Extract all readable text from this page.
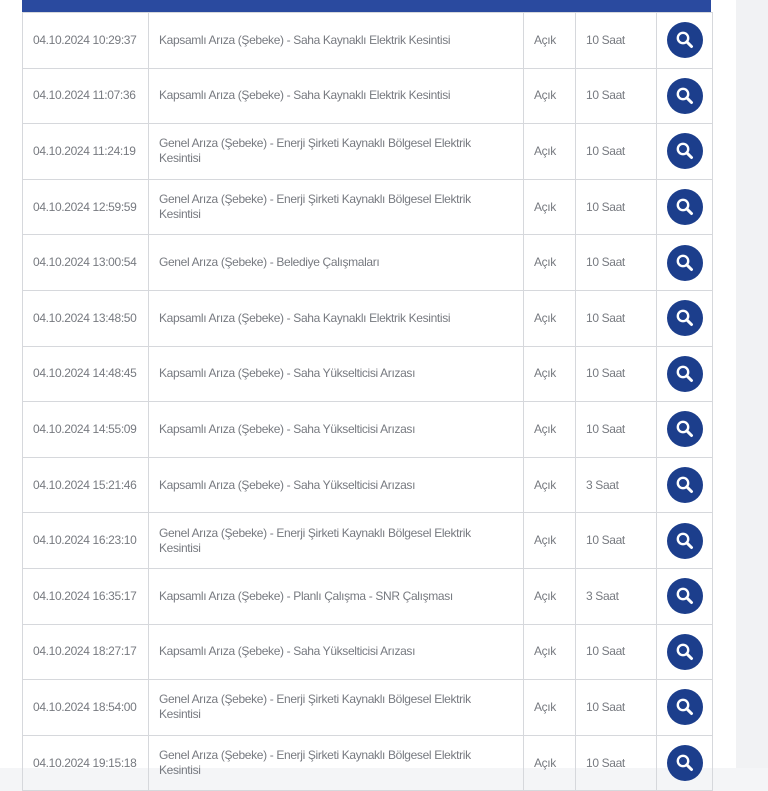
04.10.2024 10:29:37	Kapsamlı Arıza (Şebeke) - Saha Kaynaklı Elektrik Kesintisi	Açık	10 Saat	

04.10.2024 11:07:36	Kapsamlı Arıza (Şebeke) - Saha Kaynaklı Elektrik Kesintisi	Açık	10 Saat	

04.10.2024 11:24:19	Genel Arıza (Şebeke) - Enerji Şirketi Kaynaklı Bölgesel Elektrik Kesintisi	Açık	10 Saat	

04.10.2024 12:59:59	Genel Arıza (Şebeke) - Enerji Şirketi Kaynaklı Bölgesel Elektrik Kesintisi	Açık	10 Saat	

04.10.2024 13:00:54	Genel Arıza (Şebeke) - Belediye Çalışmaları	Açık	10 Saat	

04.10.2024 13:48:50	Kapsamlı Arıza (Şebeke) - Saha Kaynaklı Elektrik Kesintisi	Açık	10 Saat	

04.10.2024 14:48:45	Kapsamlı Arıza (Şebeke) - Saha Yükselticisi Arızası	Açık	10 Saat	

04.10.2024 14:55:09	Kapsamlı Arıza (Şebeke) - Saha Yükselticisi Arızası	Açık	10 Saat	

04.10.2024 15:21:46	Kapsamlı Arıza (Şebeke) - Saha Yükselticisi Arızası	Açık	3 Saat	

04.10.2024 16:23:10	Genel Arıza (Şebeke) - Enerji Şirketi Kaynaklı Bölgesel Elektrik Kesintisi	Açık	10 Saat	

04.10.2024 16:35:17	Kapsamlı Arıza (Şebeke) - Planlı Çalışma - SNR Çalışması	Açık	3 Saat	

04.10.2024 18:27:17	Kapsamlı Arıza (Şebeke) - Saha Yükselticisi Arızası	Açık	10 Saat	

04.10.2024 18:54:00	Genel Arıza (Şebeke) - Enerji Şirketi Kaynaklı Bölgesel Elektrik Kesintisi	Açık	10 Saat	

04.10.2024 19:15:18	Genel Arıza (Şebeke) - Enerji Şirketi Kaynaklı Bölgesel Elektrik Kesintisi	Açık	10 Saat	
